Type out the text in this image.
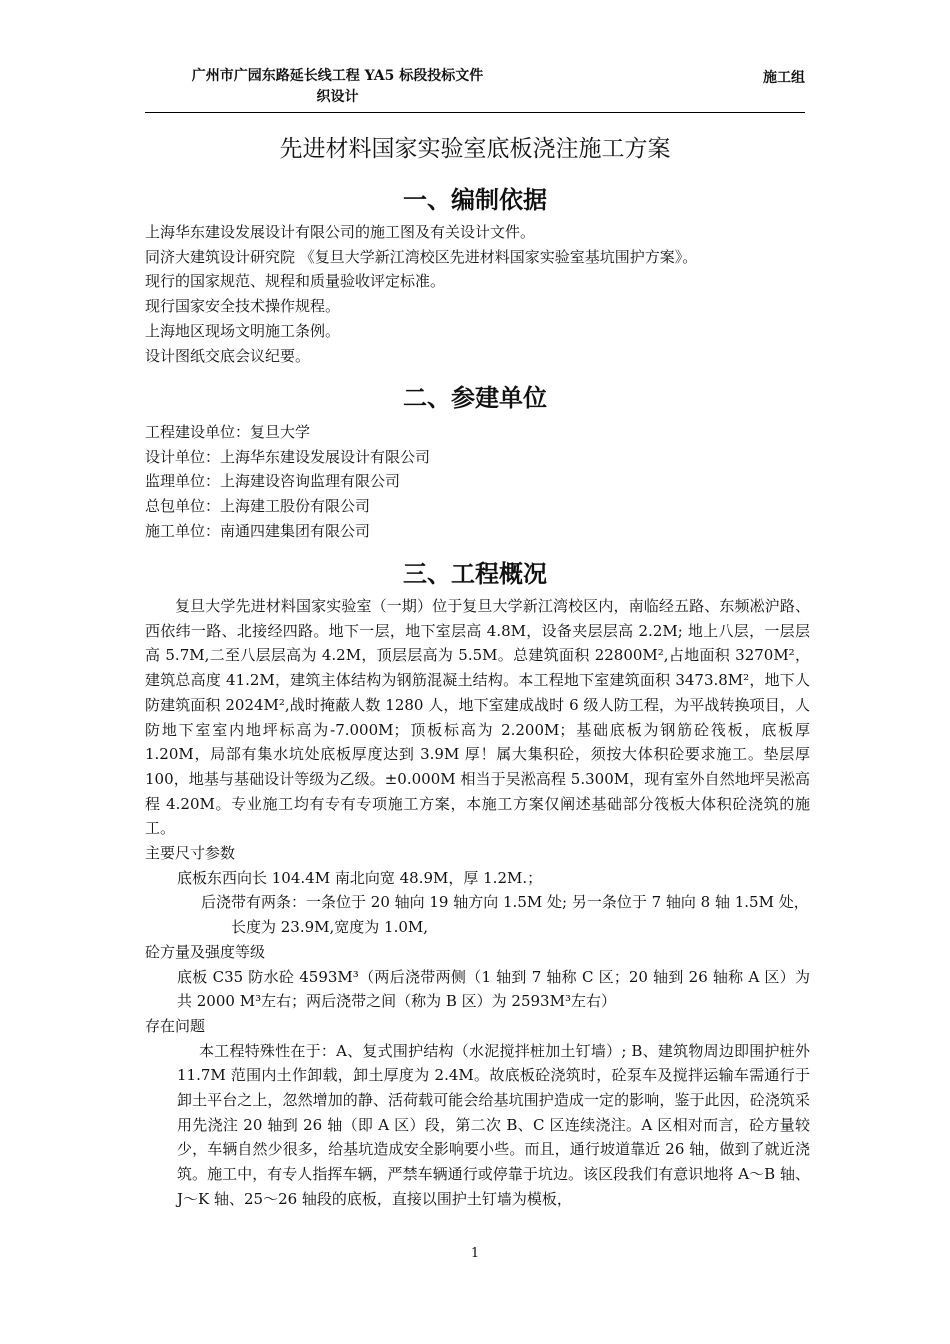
广州市广园东路延长线工程 YA5 标段投标文件
织设计
施工组
先进材料国家实验室底板浇注施工方案
一、编制依据

上海华东建设发展设计有限公司的施工图及有关设计文件。

同济大建筑设计研究院 《复旦大学新江湾校区先进材料国家实验室基坑围护方案》。

现行的国家规范、规程和质量验收评定标准。

现行国家安全技术操作规程。

上海地区现场文明施工条例。

设计图纸交底会议纪要。

二、参建单位

工程建设单位：复旦大学

设计单位：上海华东建设发展设计有限公司

监理单位：上海建设咨询监理有限公司

总包单位：上海建工股份有限公司

施工单位：南通四建集团有限公司

三、工程概况

复旦大学先进材料国家实验室（一期）位于复旦大学新江湾校区内，南临经五路、东频凇沪路、西依纬一路、北接经四路。地下一层，地下室层高 4.8M，设备夹层层高 2.2M; 地上八层，一层层高 5.7M,二至八层层高为 4.2M，顶层层高为 5.5M。总建筑面积 22800M²,占地面积 3270M²，建筑总高度 41.2M，建筑主体结构为钢筋混凝土结构。本工程地下室建筑面积 3473.8M²，地下人防建筑面积 2024M²,战时掩蔽人数 1280 人，地下室建成战时 6 级人防工程，为平战转换项目，人防地下室室内地坪标高为-7.000M；顶板标高为 2.200M；基础底板为钢筋砼筏板，底板厚 1.20M，局部有集水坑处底板厚度达到 3.9M 厚！属大集积砼，须按大体积砼要求施工。垫层厚 100，地基与基础设计等级为乙级。±0.000M 相当于吴淞高程 5.300M，现有室外自然地坪吴淞高程 4.20M。专业施工均有专有专项施工方案，本施工方案仅阐述基础部分筏板大体积砼浇筑的施工。

主要尺寸参数

底板东西向长 104.4M 南北向宽 48.9M，厚 1.2M.；

后浇带有两条：一条位于 20 轴向 19 轴方向 1.5M 处; 另一条位于 7 轴向 8 轴 1.5M 处，长度为 23.9M,宽度为 1.0M,

砼方量及强度等级

底板 C35 防水砼 4593M³（两后浇带两侧（1 轴到 7 轴称 C 区；20 轴到 26 轴称 A 区）为共 2000 M³左右；两后浇带之间（称为 B 区）为 2593M³左右）

存在问题

本工程特殊性在于：A、复式围护结构（水泥搅拌桩加土钉墙）; B、建筑物周边即围护桩外 11.7M 范围内土作卸载，卸土厚度为 2.4M。故底板砼浇筑时，砼泵车及搅拌运输车需通行于卸土平台之上，忽然增加的静、活荷载可能会给基坑围护造成一定的影响，鉴于此因，砼浇筑采用先浇注 20 轴到 26 轴（即 A 区）段，第二次 B、C 区连续浇注。A 区相对而言，砼方量较少，车辆自然少很多，给基坑造成安全影响要小些。而且，通行坡道靠近 26 轴，做到了就近浇筑。施工中，有专人指挥车辆，严禁车辆通行或停靠于坑边。该区段我们有意识地将 A～B 轴、J～K 轴、25～26 轴段的底板，直接以围护土钉墙为模板，

1
